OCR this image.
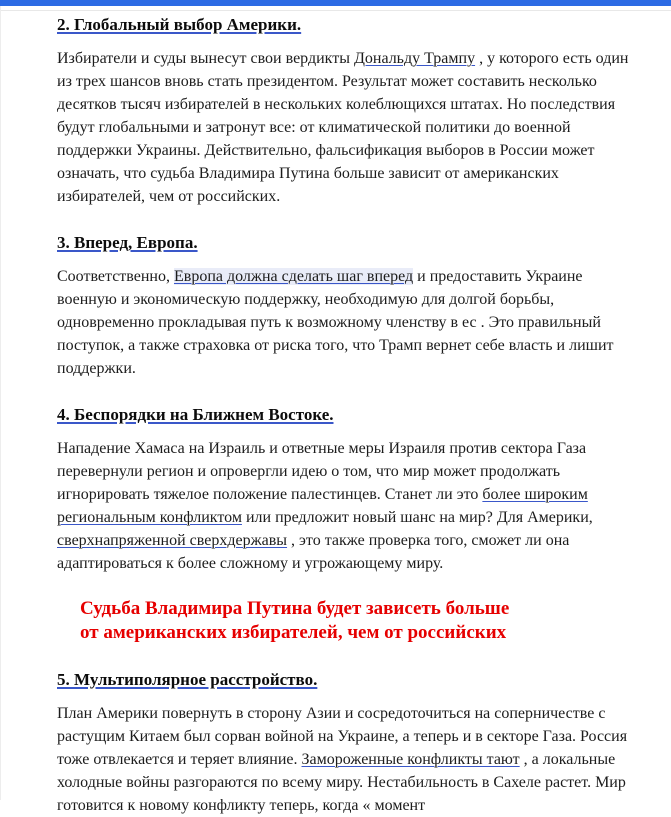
2. Глобальный выбор Америки.

Избиратели и суды вынесут свои вердикты Дональду Трампу , у которого есть один из трех шансов вновь стать президентом. Результат может составить несколько десятков тысяч избирателей в нескольких колеблющихся штатах. Но последствия будут глобальными и затронут все: от климатической политики до военной поддержки Украины. Действительно, фальсификация выборов в России может означать, что судьба Владимира Путина больше зависит от американских избирателей, чем от российских.

3. Вперед, Европа.

Соответственно, Европа должна сделать шаг вперед и предоставить Украине военную и экономическую поддержку, необходимую для долгой борьбы, одновременно прокладывая путь к возможному членству в ес . Это правильный поступок, а также страховка от риска того, что Трамп вернет себе власть и лишит поддержки.

4. Беспорядки на Ближнем Востоке.

Нападение Хамаса на Израиль и ответные меры Израиля против сектора Газа перевернули регион и опровергли идею о том, что мир может продолжать игнорировать тяжелое положение палестинцев. Станет ли это более широким региональным конфликтом или предложит новый шанс на мир? Для Америки, сверхнапряженной сверхдержавы , это также проверка того, сможет ли она адаптироваться к более сложному и угрожающему миру.

Судьба Владимира Путина будет зависеть больше от американских избирателей, чем от российских
5. Мультиполярное расстройство.

План Америки повернуть в сторону Азии и сосредоточиться на соперничестве с растущим Китаем был сорван войной на Украине, а теперь и в секторе Газа. Россия тоже отвлекается и теряет влияние. Замороженные конфликты тают , а локальные холодные войны разгораются по всему миру. Нестабильность в Сахеле растет. Мир готовится к новому конфликту теперь, когда « момент
